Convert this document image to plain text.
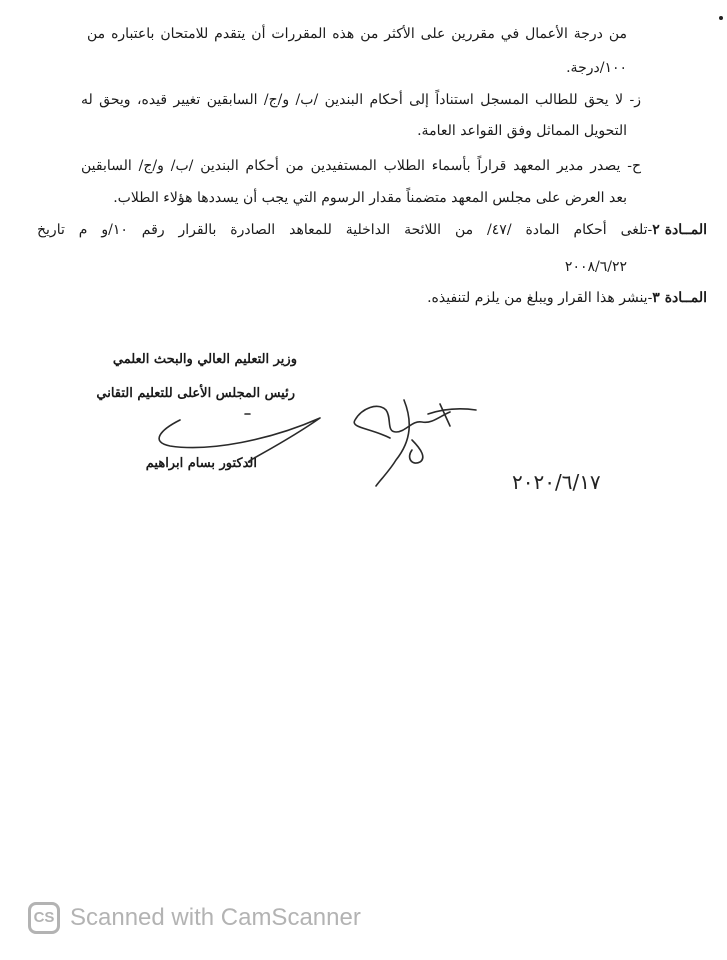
من درجة الأعمال في مقررين على الأكثر من هذه المقررات أن يتقدم للامتحان باعتباره من
١٠٠/درجة.
ز- لا يحق للطالب المسجل استناداً إلى أحكام البندين /ب/ و/ج/ السابقين تغيير قيده، ويحق له
التحويل المماثل وفق القواعد العامة.
ح- يصدر مدير المعهد قراراً بأسماء الطلاب المستفيدين من أحكام البندين /ب/ و/ج/ السابقين
بعد العرض على مجلس المعهد متضمناً مقدار الرسوم التي يجب أن يسددها هؤلاء الطلاب.
المــادة ٢
-تلغى أحكام المادة /٤٧/ من اللائحة الداخلية للمعاهد الصادرة بالقرار رقم ١٠/و م تاريخ
٢٠٠٨/٦/٢٢
المــادة ٣-ينشر هذا القرار ويبلغ من يلزم لتنفيذه.
وزير التعليم العالي والبحث العلمي
رئيس المجلس الأعلى للتعليم التقاني
الدكتور بسام ابراهيم
٢٠٢٠/٦/١٧
CS Scanned with CamScanner
